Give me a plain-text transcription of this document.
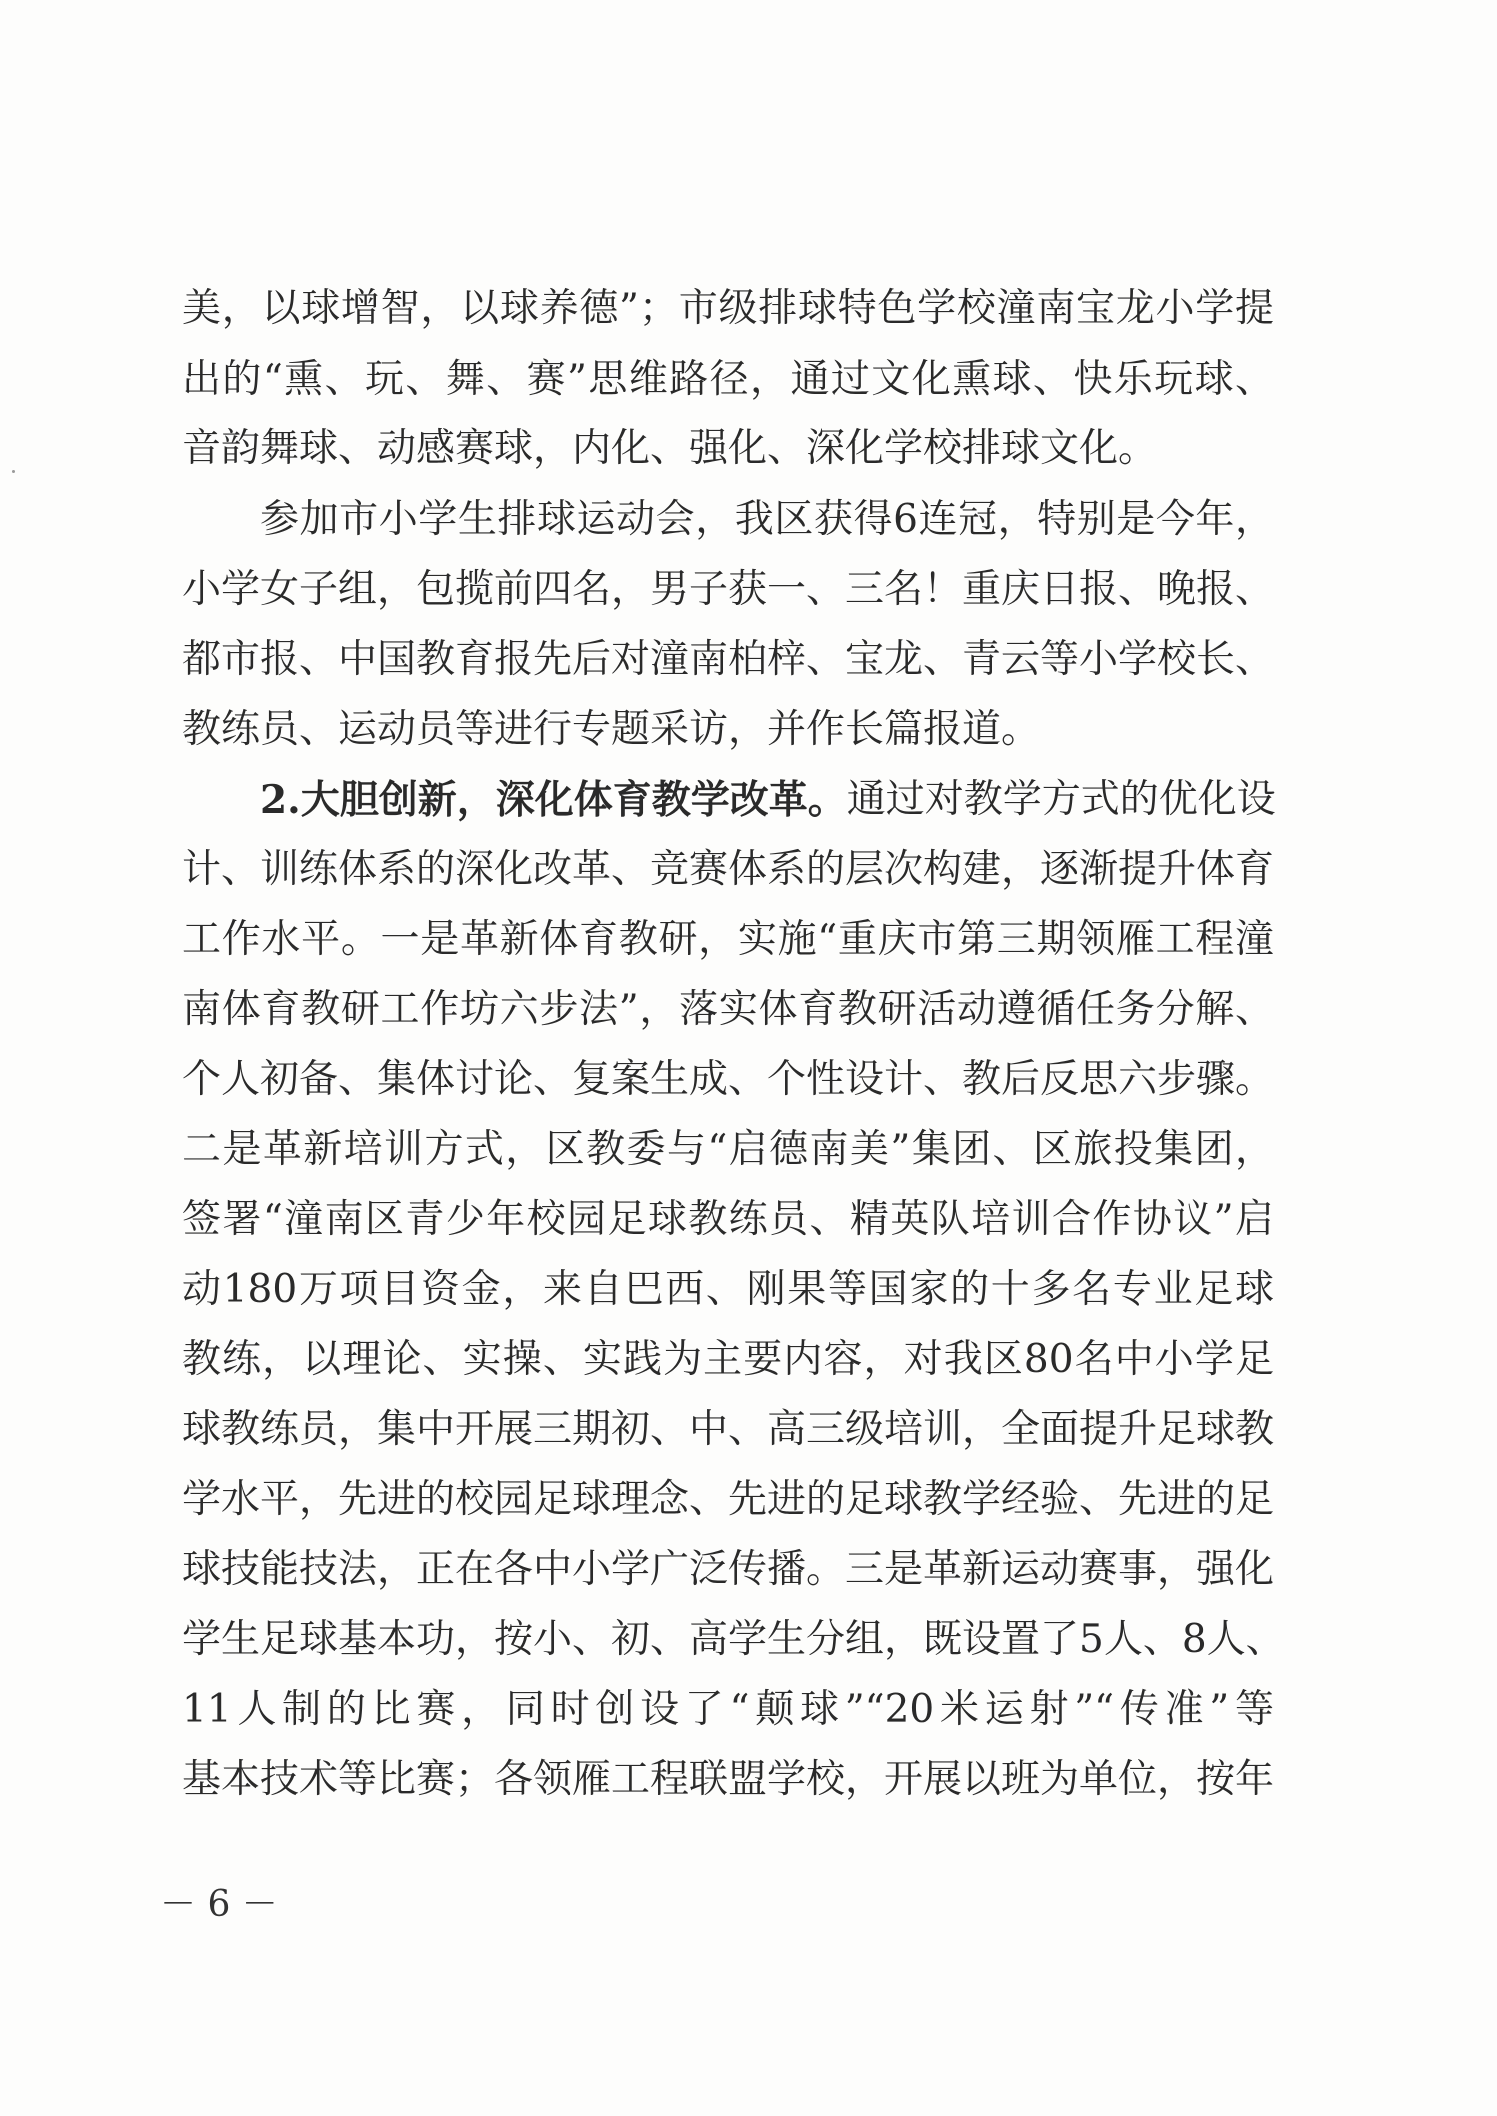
美，以球增智，以球养德”；市级排球特色学校潼南宝龙小学提
出的“熏、玩、舞、赛”思维路径，通过文化熏球、快乐玩球、
音韵舞球、动感赛球，内化、强化、深化学校排球文化。
参加市小学生排球运动会，我区获得6连冠，特别是今年，
小学女子组，包揽前四名，男子获一、三名！重庆日报、晚报、
都市报、中国教育报先后对潼南柏梓、宝龙、青云等小学校长、
教练员、运动员等进行专题采访，并作长篇报道。
2.大胆创新，深化体育教学改革。 通过对教学方式的优化设
计、训练体系的深化改革、竞赛体系的层次构建，逐渐提升体育
工作水平。一是革新体育教研，实施“重庆市第三期领雁工程潼
南体育教研工作坊六步法”，落实体育教研活动遵循任务分解、
个人初备、集体讨论、复案生成、个性设计、教后反思六步骤。
二是革新培训方式，区教委与“启德南美”集团、区旅投集团，
签署“潼南区青少年校园足球教练员、精英队培训合作协议”启
动180万项目资金，来自巴西、刚果等国家的十多名专业足球
教练，以理论、实操、实践为主要内容，对我区80名中小学足
球教练员，集中开展三期初、中、高三级培训，全面提升足球教
学水平，先进的校园足球理念、先进的足球教学经验、先进的足
球技能技法，正在各中小学广泛传播。三是革新运动赛事，强化
学生足球基本功，按小、初、高学生分组，既设置了5人、8人、
11人制的比赛，同时创设了“颠球”“20米运射”“传准”等
基本技术等比赛；各领雁工程联盟学校，开展以班为单位，按年
－ 6 －
